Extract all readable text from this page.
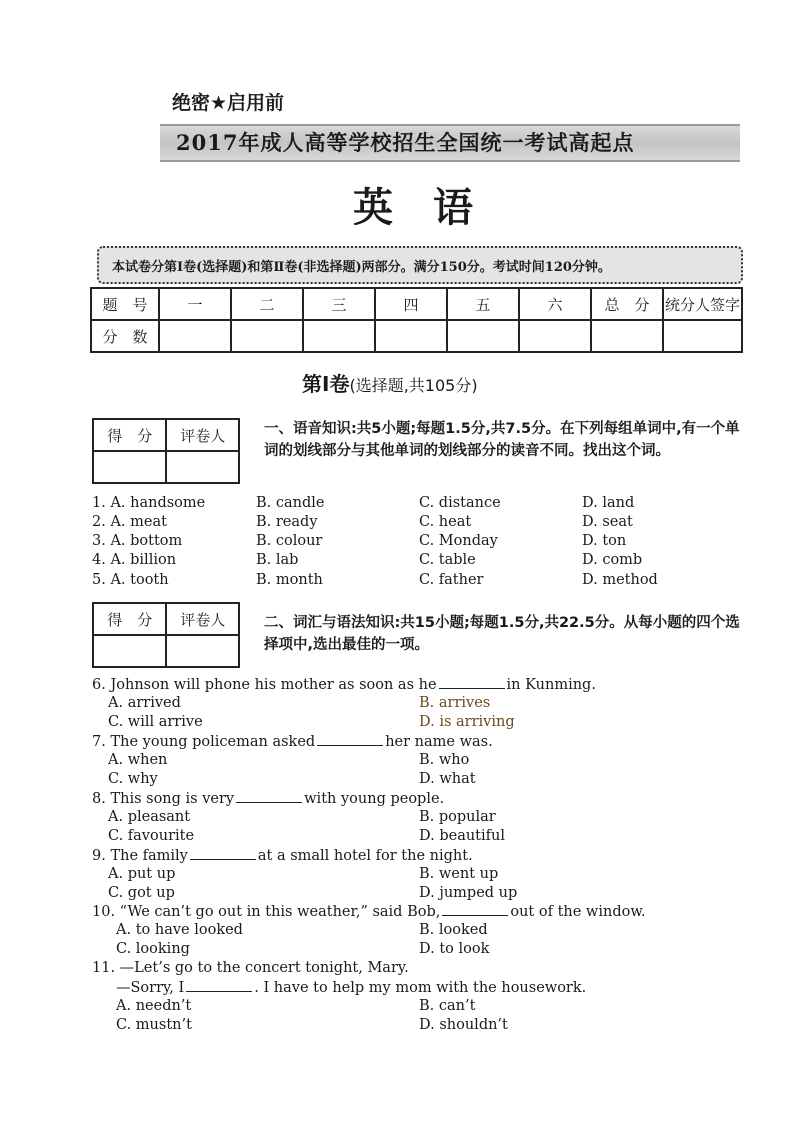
绝密★启用前
2017年成人高等学校招生全国统一考试高起点
英语
本试卷分第Ⅰ卷(选择题)和第Ⅱ卷(非选择题)两部分。满分150分。考试时间120分钟。
题　号	一	二	三	四	五	六	总　分	统分人签字
分　数								
第Ⅰ卷(选择题,共105分)
得　分	评卷人
		一、语音知识:共5小题;每题1.5分,共7.5分。在下列每组单词中,有一个单词的划线部分与其他单词的划线部分的读音不同。找出这个词。
1. A. handsome	B. candle	C. distance	D. land
2. A. meat	B. ready	C. heat	D. seat
3. A. bottom	B. colour	C. Monday	D. ton
4. A. billion	B. lab	C. table	D. comb
5. A. tooth	B. month	C. father	D. method
得　分	评卷人
		二、词汇与语法知识:共15小题;每题1.5分,共22.5分。从每小题的四个选择项中,选出最佳的一项。
6. Johnson will phone his mother as soon as he	in Kunming.
A. arrived	B. arrives
C. will arrive	D. is arriving
7. The young policeman asked	her name was.
A. when	B. who
C. why	D. what
8. This song is very	with young people.
A. pleasant	B. popular
C. favourite	D. beautiful
9. The family	at a small hotel for the night.
A. put up	B. went up
C. got up	D. jumped up
10. “We can’t go out in this weather,” said Bob,	out of the window.
A. to have looked	B. looked
C. looking	D. to look
11. —Let’s go to the concert tonight, Mary.
—Sorry, I	. I have to help my mom with the housework.
A. needn’t	B. can’t
C. mustn’t	D. shouldn’t
